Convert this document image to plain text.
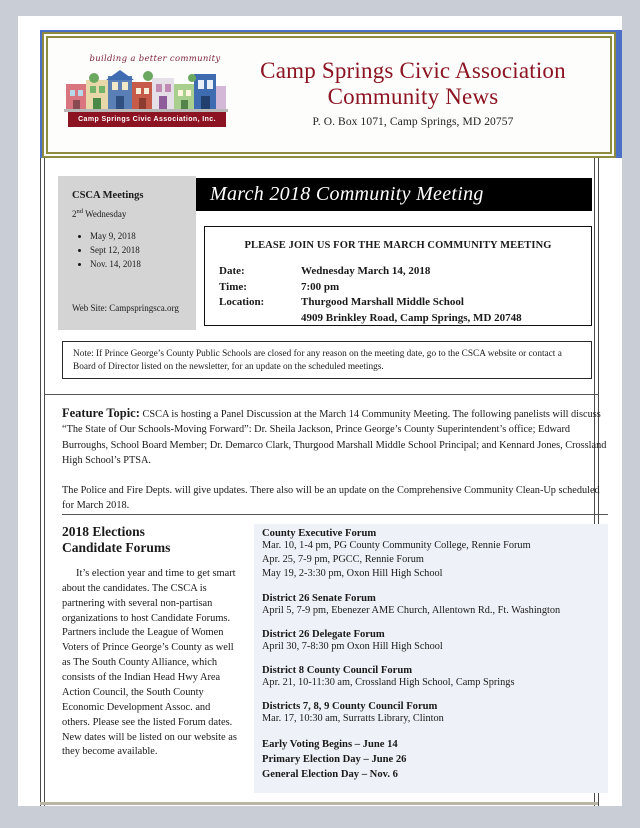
building a better community
Camp Springs Civic Association, Inc.
Camp Springs Civic Association
Community News
P. O. Box 1071, Camp Springs, MD 20757
CSCA Meetings
2nd Wednesday
• May 9, 2018
• Sept 12, 2018
• Nov. 14, 2018
Web Site: Campspringsca.org
March 2018 Community Meeting
PLEASE JOIN US FOR THE MARCH COMMUNITY MEETING
Date:	Wednesday March 14, 2018
Time:	7:00 pm
Location:	Thurgood Marshall Middle School
4909 Brinkley Road, Camp Springs, MD 20748
Note: If Prince George’s County Public Schools are closed for any reason on the meeting date, go to the CSCA website or contact a Board of Director listed on the newsletter, for an update on the scheduled meetings.

Feature Topic: CSCA is hosting a Panel Discussion at the March 14 Community Meeting. The following panelists will discuss “The State of Our Schools-Moving Forward”: Dr. Sheila Jackson, Prince George’s County Superintendent’s office; Edward Burroughs, School Board Member; Dr. Demarco Clark, Thurgood Marshall Middle School Principal; and Kennard Jones, Crossland High School’s PTSA.

The Police and Fire Depts. will give updates. There also will be an update on the Comprehensive Community Clean-Up scheduled for March 2018.

2018 Elections
Candidate Forums
It’s election year and time to get smart about the candidates. The CSCA is partnering with several non-partisan organizations to host Candidate Forums. Partners include the League of Women Voters of Prince George’s County as well as The South County Alliance, which consists of the Indian Head Hwy Area Action Council, the South County Economic Development Assoc. and others. Please see the listed Forum dates. New dates will be listed on our website as they become available.
County Executive Forum
Mar. 10, 1-4 pm, PG County Community College, Rennie Forum
Apr. 25, 7-9 pm, PGCC, Rennie Forum
May 19, 2-3:30 pm, Oxon Hill High School
District 26 Senate Forum
April 5, 7-9 pm, Ebenezer AME Church, Allentown Rd., Ft. Washington
District 26 Delegate Forum
April 30, 7-8:30 pm Oxon Hill High School
District 8 County Council Forum
Apr. 21, 10-11:30 am, Crossland High School, Camp Springs
Districts 7, 8, 9 County Council Forum
Mar. 17, 10:30 am, Surratts Library, Clinton
Early Voting Begins – June 14
Primary Election Day – June 26
General Election Day – Nov. 6
